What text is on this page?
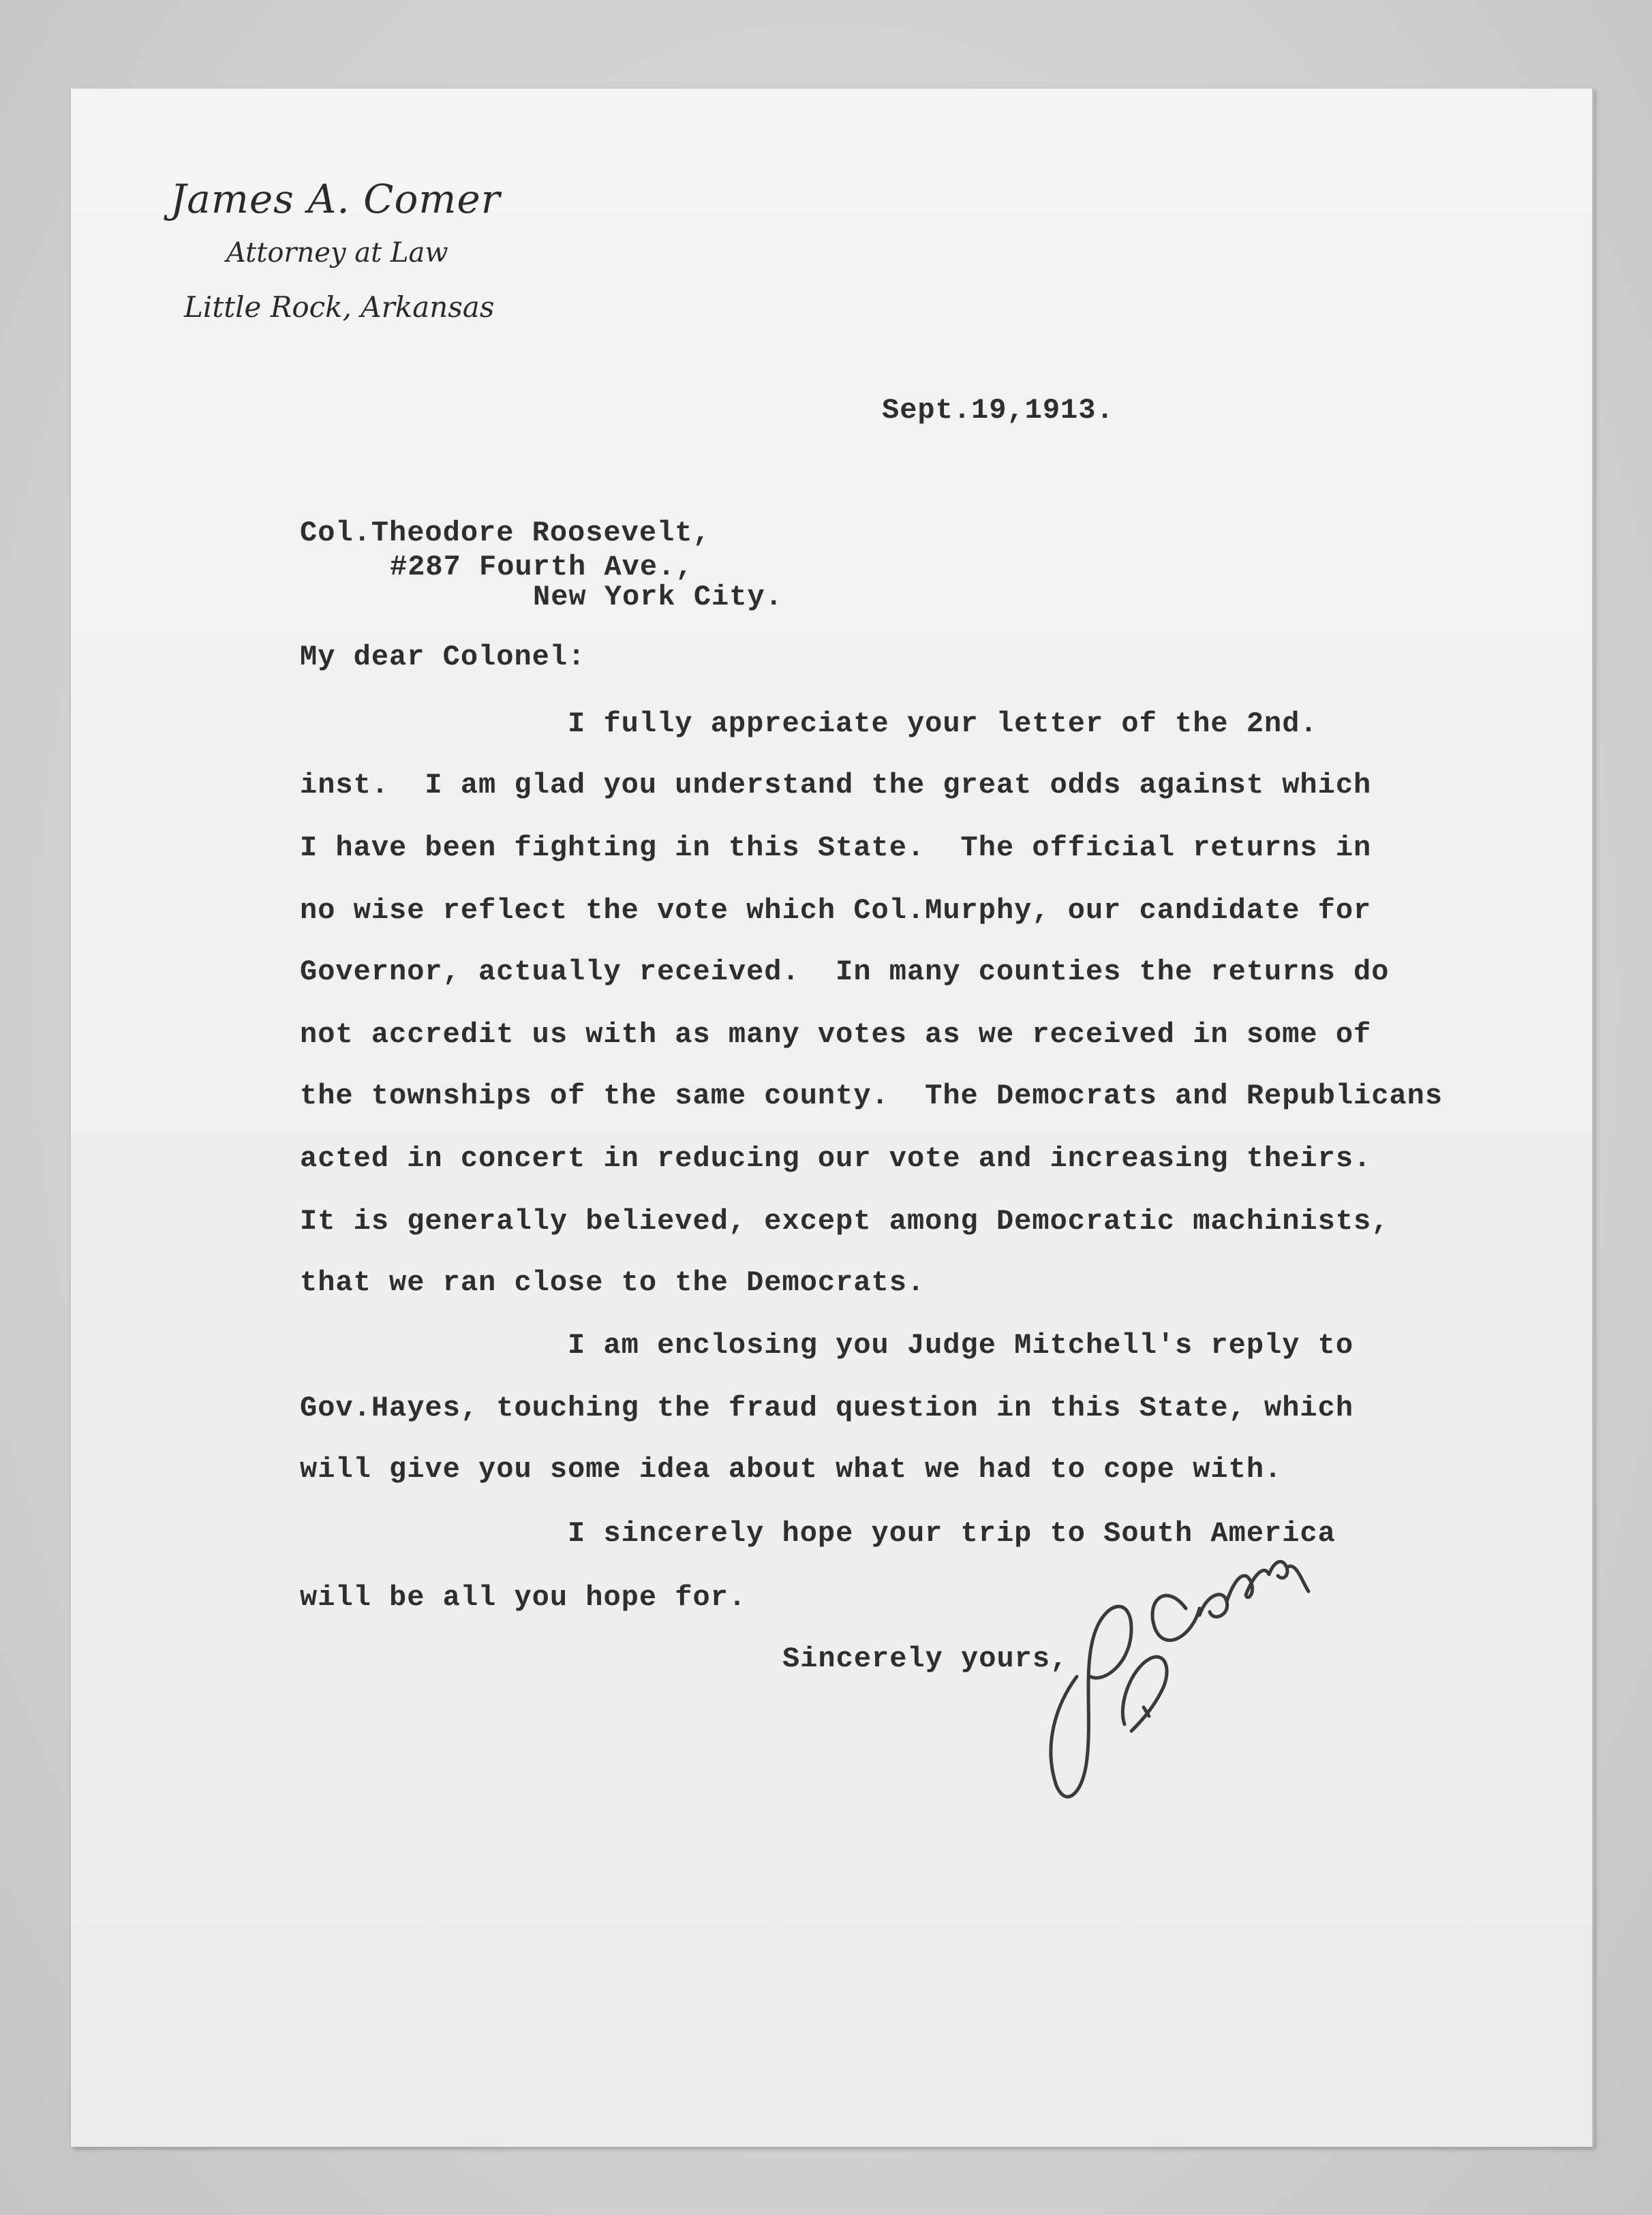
James A. Comer
Attorney at Law
Little Rock, Arkansas
Sept.19,1913.
Col.Theodore Roosevelt,
#287 Fourth Ave.,
New York City.
My dear Colonel:
I fully appreciate your letter of the 2nd.
inst.  I am glad you understand the great odds against which
I have been fighting in this State.  The official returns in
no wise reflect the vote which Col.Murphy, our candidate for
Governor, actually received.  In many counties the returns do
not accredit us with as many votes as we received in some of
the townships of the same county.  The Democrats and Republicans
acted in concert in reducing our vote and increasing theirs.
It is generally believed, except among Democratic machinists,
that we ran close to the Democrats.
I am enclosing you Judge Mitchell's reply to
Gov.Hayes, touching the fraud question in this State, which
will give you some idea about what we had to cope with.
I sincerely hope your trip to South America
will be all you hope for.
Sincerely yours,
